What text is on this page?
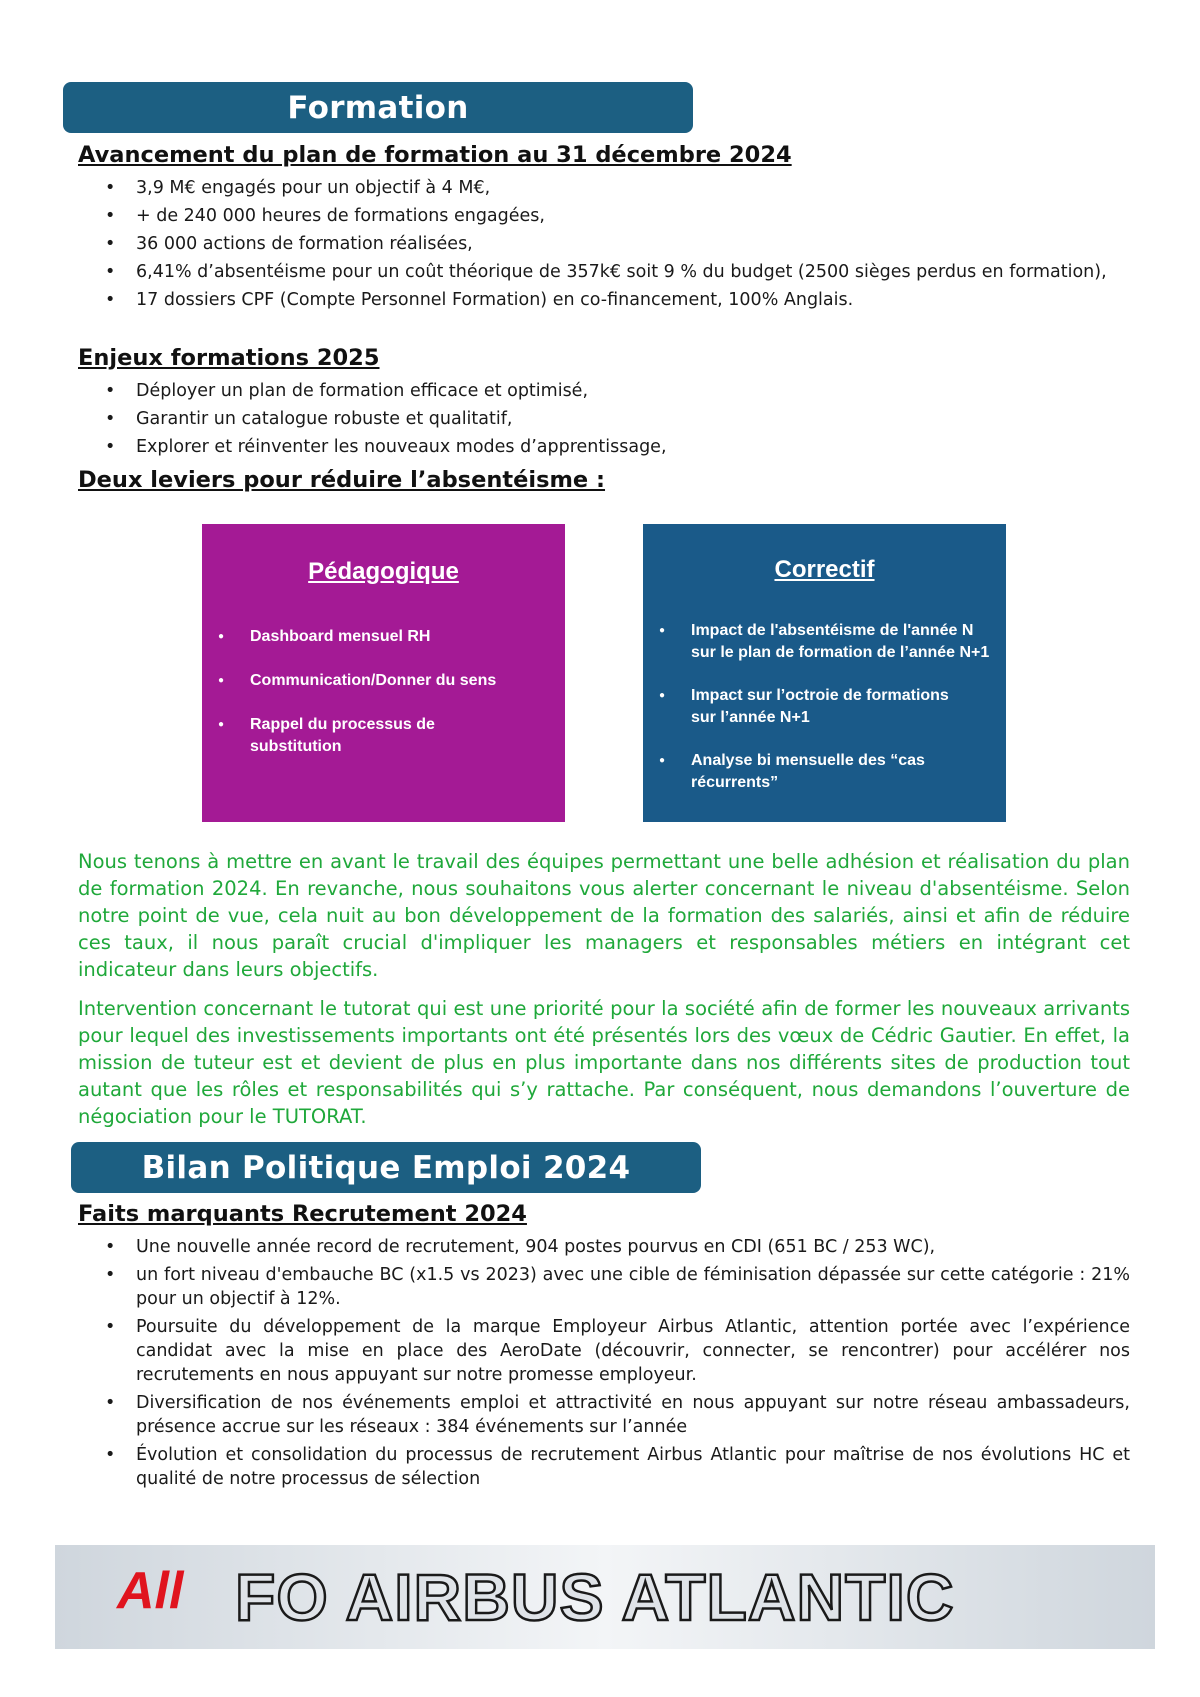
Formation
Avancement du plan de formation au 31 décembre 2024
• 3,9 M€ engagés pour un objectif à 4 M€,
• + de 240 000 heures de formations engagées,
• 36 000 actions de formation réalisées,
• 6,41% d’absentéisme pour un coût théorique de 357k€ soit 9 % du budget (2500 sièges perdus en formation),
• 17 dossiers CPF (Compte Personnel Formation) en co-financement, 100% Anglais.
Enjeux formations 2025
• Déployer un plan de formation efficace et optimisé,
• Garantir un catalogue robuste et qualitatif,
• Explorer et réinventer les nouveaux modes d’apprentissage,
Deux leviers pour réduire l’absentéisme :
Pédagogique
● Dashboard mensuel RH
● Communication/Donner du sens
● Rappel du processus de substitution
Correctif
● Impact de l'absentéisme de l'année N sur le plan de formation de l’année N+1
● Impact sur l’octroie de formations sur l’année N+1
● Analyse bi mensuelle des “cas récurrents”

Nous tenons à mettre en avant le travail des équipes permettant une belle adhésion et réalisation du plan de formation 2024. En revanche, nous souhaitons vous alerter concernant le niveau d'absentéisme. Selon notre point de vue, cela nuit au bon développement de la formation des salariés, ainsi et afin de réduire ces taux, il nous paraît crucial d'impliquer les managers et responsables métiers en intégrant cet indicateur dans leurs objectifs.

Intervention concernant le tutorat qui est une priorité pour la société afin de former les nouveaux arrivants pour lequel des investissements importants ont été présentés lors des vœux de Cédric Gautier. En effet, la mission de tuteur est et devient de plus en plus importante dans nos différents sites de production tout autant que les rôles et responsabilités qui s’y rattache. Par conséquent, nous demandons l’ouverture de négociation pour le TUTORAT.

Bilan Politique Emploi 2024
Faits marquants Recrutement 2024
• Une nouvelle année record de recrutement, 904 postes pourvus en CDI (651 BC / 253 WC),
• un fort niveau d'embauche BC (x1.5 vs 2023) avec une cible de féminisation dépassée sur cette catégorie : 21% pour un objectif à 12%.
• Poursuite du développement de la marque Employeur Airbus Atlantic, attention portée avec l’expérience candidat avec la mise en place des AeroDate (découvrir, connecter, se rencontrer) pour accélérer nos recrutements en nous appuyant sur notre promesse employeur.
• Diversification de nos événements emploi et attractivité en nous appuyant sur notre réseau ambassadeurs, présence accrue sur les réseaux : 384 événements sur l’année
• Évolution et consolidation du processus de recrutement Airbus Atlantic pour maîtrise de nos évolutions HC et qualité de notre processus de sélection
All FO AIRBUS ATLANTIC
